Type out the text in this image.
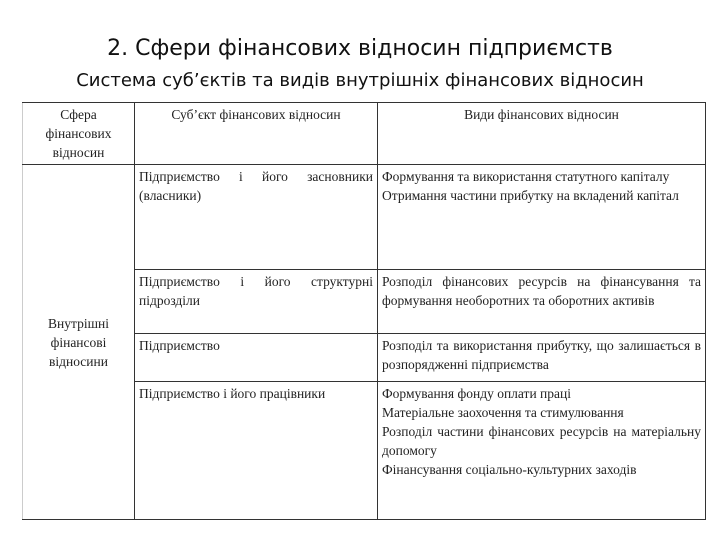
2. Сфери фінансових відносин підприємств
Система суб’єктів та видів внутрішніх фінансових відносин
Сфера фінансових відносин	Суб’єкт фінансових відносин	Види фінансових відносин
Внутрішні фінансові відносини	Підприємство і його засновники (власники)	Формування та використання статутного капіталу
Отримання частини прибутку на вкладений капітал

	Підприємство і його структурні підрозділи	Розподіл фінансових ресурсів на фінансування та формування необоротних та оборотних активів

	Підприємство	Розподіл та використання прибутку, що залишається в розпорядженні підприємства

	Підприємство і його працівники	Формування фонду оплати праці
Матеріальне заохочення та стимулювання
Розподіл частини фінансових ресурсів на матеріальну допомогу
Фінансування соціально-культурних заходів
